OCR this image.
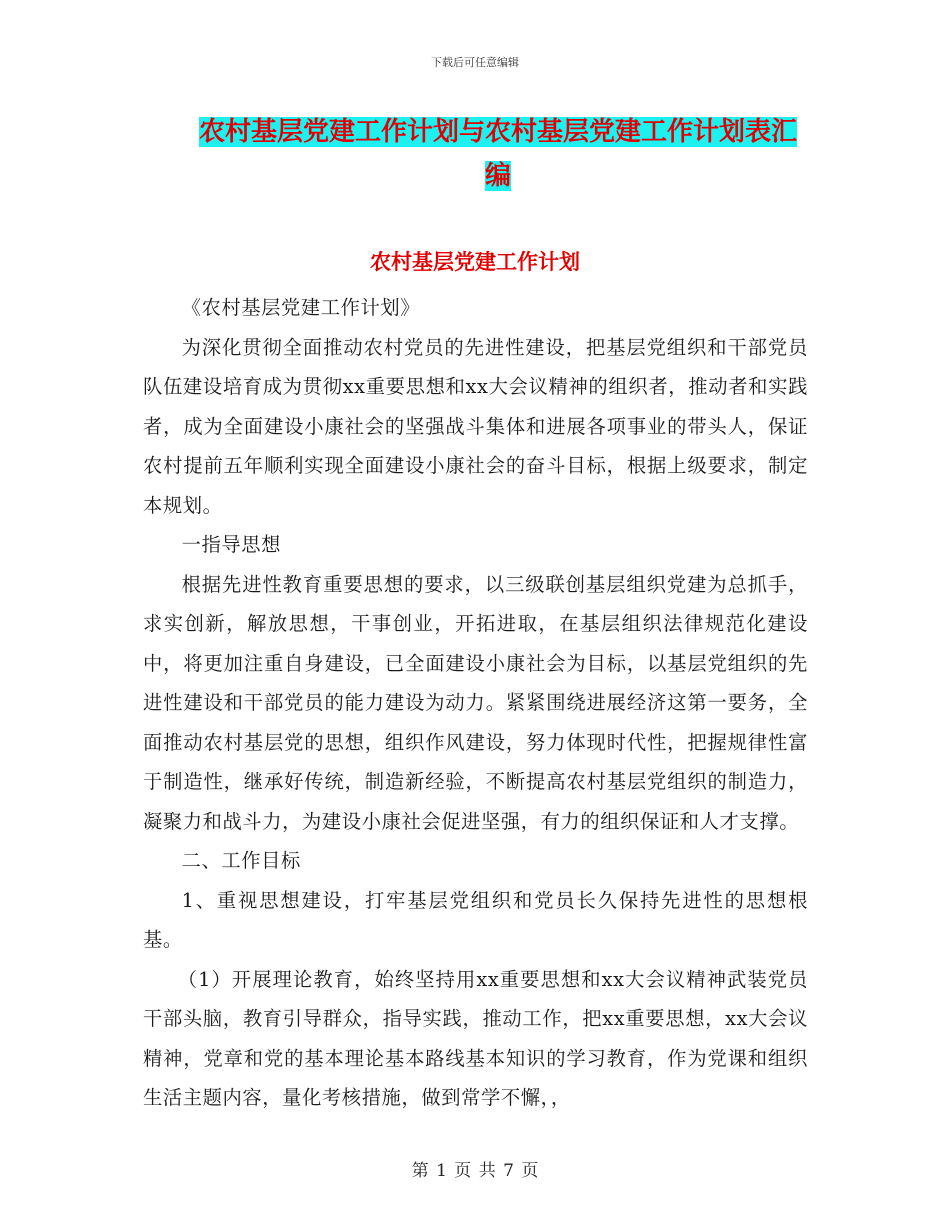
下载后可任意编辑
农村基层党建工作计划与农村基层党建工作计划表汇
编
农村基层党建工作计划

《农村基层党建工作计划》

为深化贯彻全面推动农村党员的先进性建设，把基层党组织和干部党员队伍建设培育成为贯彻xx重要思想和xx大会议精神的组织者，推动者和实践者，成为全面建设小康社会的坚强战斗集体和进展各项事业的带头人，保证农村提前五年顺利实现全面建设小康社会的奋斗目标，根据上级要求，制定本规划。

一指导思想

根据先进性教育重要思想的要求，以三级联创基层组织党建为总抓手，求实创新，解放思想，干事创业，开拓进取，在基层组织法律规范化建设中，将更加注重自身建设，已全面建设小康社会为目标，以基层党组织的先进性建设和干部党员的能力建设为动力。紧紧围绕进展经济这第一要务，全面推动农村基层党的思想，组织作风建设，努力体现时代性，把握规律性富于制造性，继承好传统，制造新经验，不断提高农村基层党组织的制造力，凝聚力和战斗力，为建设小康社会促进坚强，有力的组织保证和人才支撑。

二、工作目标

1、重视思想建设，打牢基层党组织和党员长久保持先进性的思想根基。

（1）开展理论教育，始终坚持用xx重要思想和xx大会议精神武装党员干部头脑，教育引导群众，指导实践，推动工作，把xx重要思想，xx大会议精神，党章和党的基本理论基本路线基本知识的学习教育，作为党课和组织生活主题内容，量化考核措施，做到常学不懈，，

第 1 页 共 7 页
